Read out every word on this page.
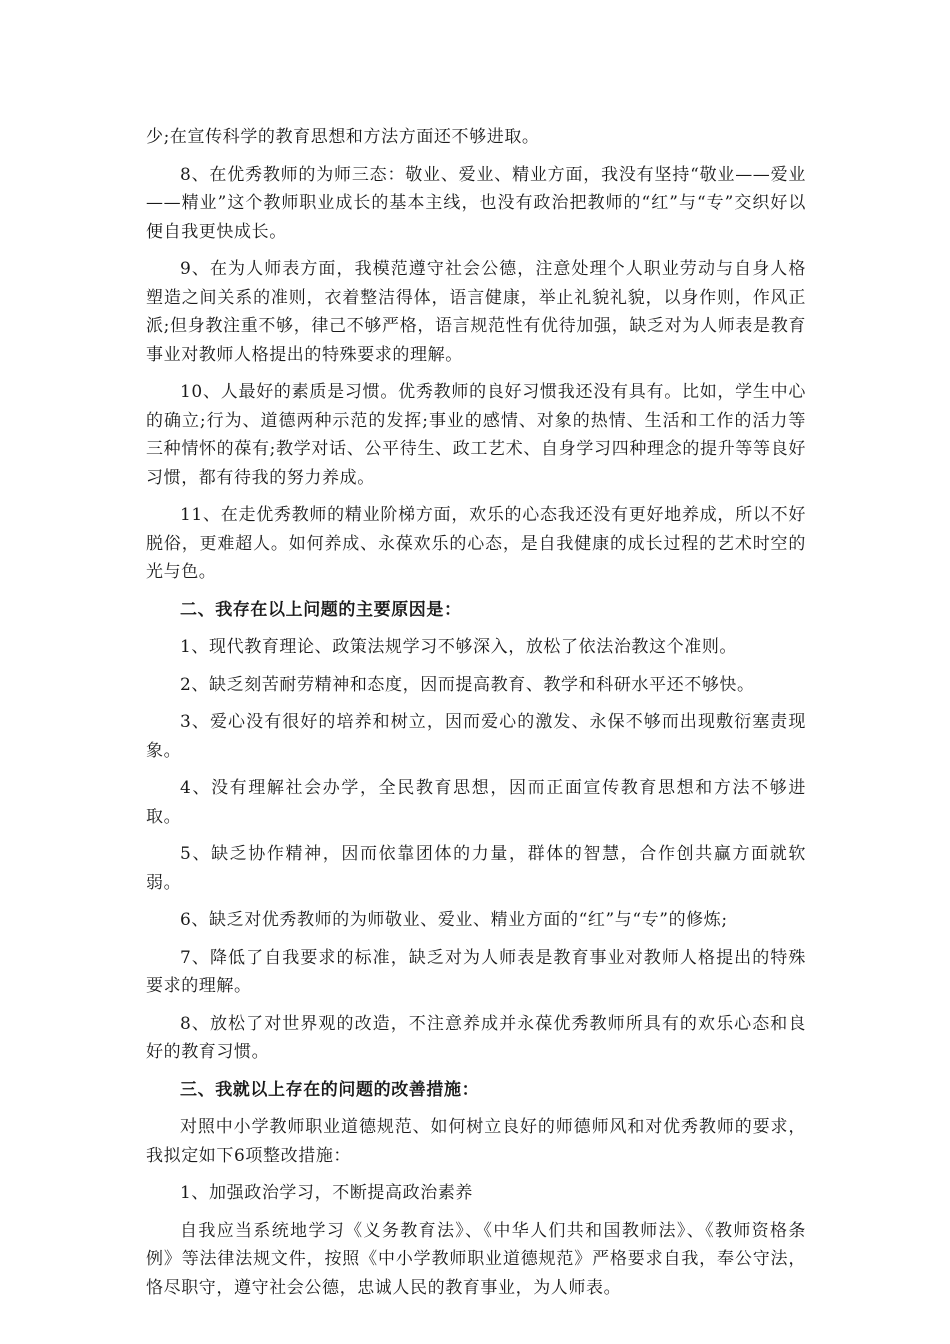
少;在宣传科学的教育思想和方法方面还不够进取。

8、在优秀教师的为师三态：敬业、爱业、精业方面，我没有坚持“敬业——爱业——精业”这个教师职业成长的基本主线，也没有政治把教师的“红”与“专”交织好以便自我更快成长。

9、在为人师表方面，我模范遵守社会公德，注意处理个人职业劳动与自身人格塑造之间关系的准则，衣着整洁得体，语言健康，举止礼貌礼貌，以身作则，作风正派;但身教注重不够，律己不够严格，语言规范性有优待加强，缺乏对为人师表是教育事业对教师人格提出的特殊要求的理解。

10、人最好的素质是习惯。优秀教师的良好习惯我还没有具有。比如，学生中心的确立;行为、道德两种示范的发挥;事业的感情、对象的热情、生活和工作的活力等三种情怀的葆有;教学对话、公平待生、政工艺术、自身学习四种理念的提升等等良好习惯，都有待我的努力养成。

11、在走优秀教师的精业阶梯方面，欢乐的心态我还没有更好地养成，所以不好脱俗，更难超人。如何养成、永葆欢乐的心态，是自我健康的成长过程的艺术时空的光与色。

二、我存在以上问题的主要原因是：

1、现代教育理论、政策法规学习不够深入，放松了依法治教这个准则。

2、缺乏刻苦耐劳精神和态度，因而提高教育、教学和科研水平还不够快。

3、爱心没有很好的培养和树立，因而爱心的激发、永保不够而出现敷衍塞责现象。

4、没有理解社会办学，全民教育思想，因而正面宣传教育思想和方法不够进取。

5、缺乏协作精神，因而依靠团体的力量，群体的智慧，合作创共赢方面就软弱。

6、缺乏对优秀教师的为师敬业、爱业、精业方面的“红”与“专”的修炼;

7、降低了自我要求的标准，缺乏对为人师表是教育事业对教师人格提出的特殊要求的理解。

8、放松了对世界观的改造，不注意养成并永葆优秀教师所具有的欢乐心态和良好的教育习惯。

三、我就以上存在的问题的改善措施：

对照中小学教师职业道德规范、如何树立良好的师德师风和对优秀教师的要求，我拟定如下6项整改措施：

1、加强政治学习，不断提高政治素养

自我应当系统地学习《义务教育法》、《中华人们共和国教师法》、《教师资格条例》等法律法规文件，按照《中小学教师职业道德规范》严格要求自我，奉公守法，恪尽职守，遵守社会公德，忠诚人民的教育事业，为人师表。
